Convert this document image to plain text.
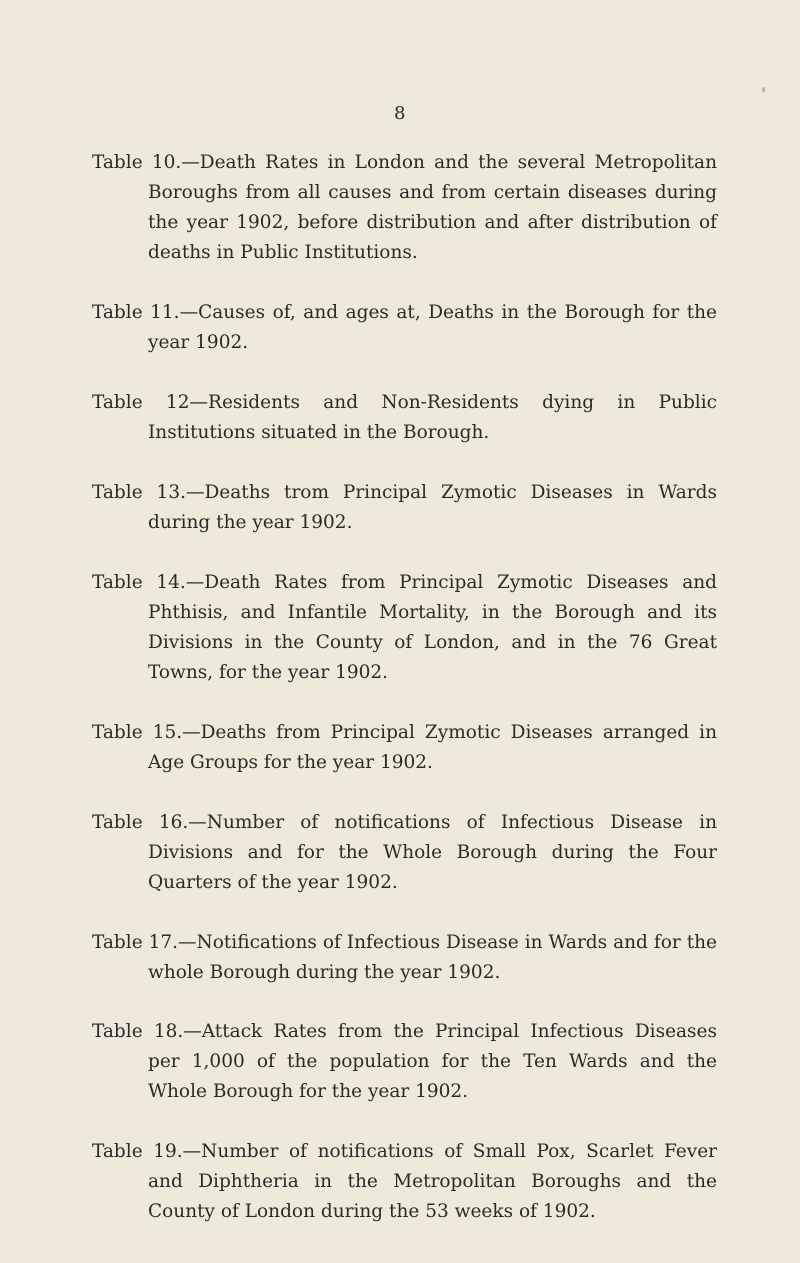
8

Table 10.—Death Rates in London and the several Metropolitan Boroughs from all causes and from certain diseases during the year 1902, before distribution and after distribution of deaths in Public Institutions.

Table 11.—Causes of, and ages at, Deaths in the Borough for the year 1902.

Table 12—Residents and Non-Residents dying in Public Institutions situated in the Borough.

Table 13.—Deaths trom Principal Zymotic Diseases in Wards during the year 1902.

Table 14.—Death Rates from Principal Zymotic Diseases and Phthisis, and Infantile Mortality, in the Borough and its Divisions in the County of London, and in the 76 Great Towns, for the year 1902.

Table 15.—Deaths from Principal Zymotic Diseases arranged in Age Groups for the year 1902.

Table 16.—Number of notifications of Infectious Disease in Divisions and for the Whole Borough during the Four Quarters of the year 1902.

Table 17.—Notifications of Infectious Disease in Wards and for the whole Borough during the year 1902.

Table 18.—Attack Rates from the Principal Infectious Diseases per 1,000 of the population for the Ten Wards and the Whole Borough for the year 1902.

Table 19.—Number of notifications of Small Pox, Scarlet Fever and Diphtheria in the Metropolitan Boroughs and the County of London during the 53 weeks of 1902.
